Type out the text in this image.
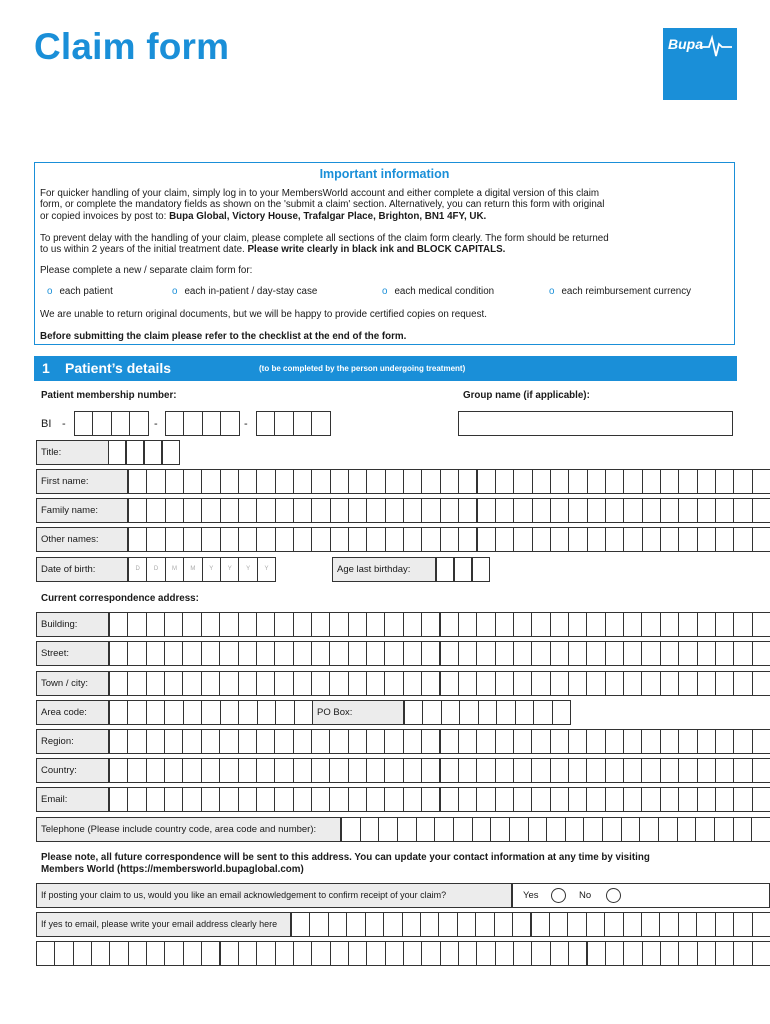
Claim form	Bupa
Important information
For quicker handling of your claim, simply log in to your MembersWorld account and either complete a digital version of this claim
form, or complete the mandatory fields as shown on the 'submit a claim' section. Alternatively, you can return this form with original
or copied invoices by post to: Bupa Global, Victory House, Trafalgar Place, Brighton, BN1 4FY, UK.
To prevent delay with the handling of your claim, please complete all sections of the claim form clearly. The form should be returned
to us within 2 years of the initial treatment date. Please write clearly in black ink and BLOCK CAPITALS.
Please complete a new / separate claim form for:
o each patient	o each in-patient / day-stay case	o each medical condition	o each reimbursement currency
We are unable to return original documents, but we will be happy to provide certified copies on request.
Before submitting the claim please refer to the checklist at the end of the form.
1 Patient’s details	(to be completed by the person undergoing treatment)
Patient membership number:	Group name (if applicable):
BI -	-	-
Title:
First name:
Family name:
Other names:
Date of birth:	Age last birthday:
D	D	M	M	Y	Y	Y	Y
Current correspondence address:
Building:
Street:
Town / city:
Area code:	PO Box:
Region:
Country:
Email:
Telephone (Please include country code, area code and number):
Please note, all future correspondence will be sent to this address. You can update your contact information at any time by visiting
Members World (https://membersworld.bupaglobal.com)
If posting your claim to us, would you like an email acknowledgement to confirm receipt of your claim?	Yes	No
If yes to email, please write your email address clearly here
